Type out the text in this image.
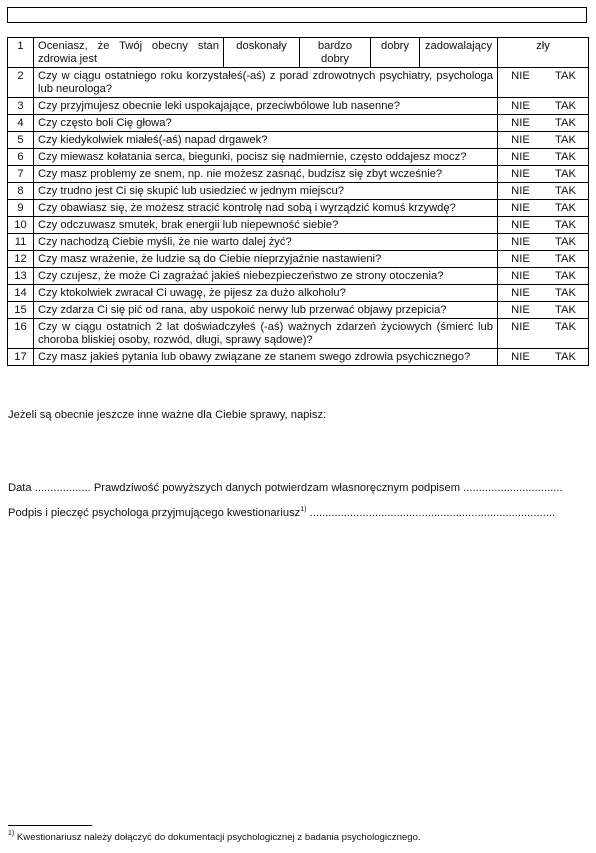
1	Oceniasz, że Twój obecny stan zdrowia jest	doskonały	bardzo dobry	dobry	zadowalający	zły
2	Czy w ciągu ostatniego roku korzystałeś(-aś) z porad zdrowotnych psychiatry, psychologa lub neurologa?					NIE TAK

3	Czy przyjmujesz obecnie leki uspokajające, przeciwbólowe lub nasenne?					NIE TAK

4	Czy często boli Cię głowa?					NIE TAK

5	Czy kiedykolwiek miałeś(-aś) napad drgawek?					NIE TAK

6	Czy miewasz kołatania serca, biegunki, pocisz się nadmiernie, często oddajesz mocz?					NIE TAK

7	Czy masz problemy ze snem, np. nie możesz zasnąć, budzisz się zbyt wcześnie?					NIE TAK

8	Czy trudno jest Ci się skupić lub usiedzieć w jednym miejscu?					NIE TAK

9	Czy obawiasz się, że możesz stracić kontrolę nad sobą i wyrządzić komuś krzywdę?					NIE TAK

10	Czy odczuwasz smutek, brak energii lub niepewność siebie?					NIE TAK

11	Czy nachodzą Ciebie myśli, że nie warto dalej żyć?					NIE TAK

12	Czy masz wrażenie, że ludzie są do Ciebie nieprzyjaźnie nastawieni?					NIE TAK

13	Czy czujesz, że może Ci zagrażać jakieś niebezpieczeństwo ze strony otoczenia?					NIE TAK

14	Czy ktokolwiek zwracał Ci uwagę, że pijesz za dużo alkoholu?					NIE TAK

15	Czy zdarza Ci się pić od rana, aby uspokoić nerwy lub przerwać objawy przepicia?					NIE TAK

16	Czy w ciągu ostatnich 2 lat doświadczyłeś (-aś) ważnych zdarzeń życiowych (śmierć lub choroba bliskiej osoby, rozwód, długi, sprawy sądowe)?					NIE TAK

17	Czy masz jakieś pytania lub obawy związane ze stanem swego zdrowia psychicznego?					NIE TAK
Jeżeli są obecnie jeszcze inne ważne dla Ciebie sprawy, napisz:
Data .................. Prawdziwość powyższych danych potwierdzam własnoręcznym podpisem ................................
Podpis i pieczęć psychologa przyjmującego kwestionariusz$^{1)}$ ...............................................................................
$^{1)}$ Kwestionariusz należy dołączyć do dokumentacji psychologicznej z badania psychologicznego.
